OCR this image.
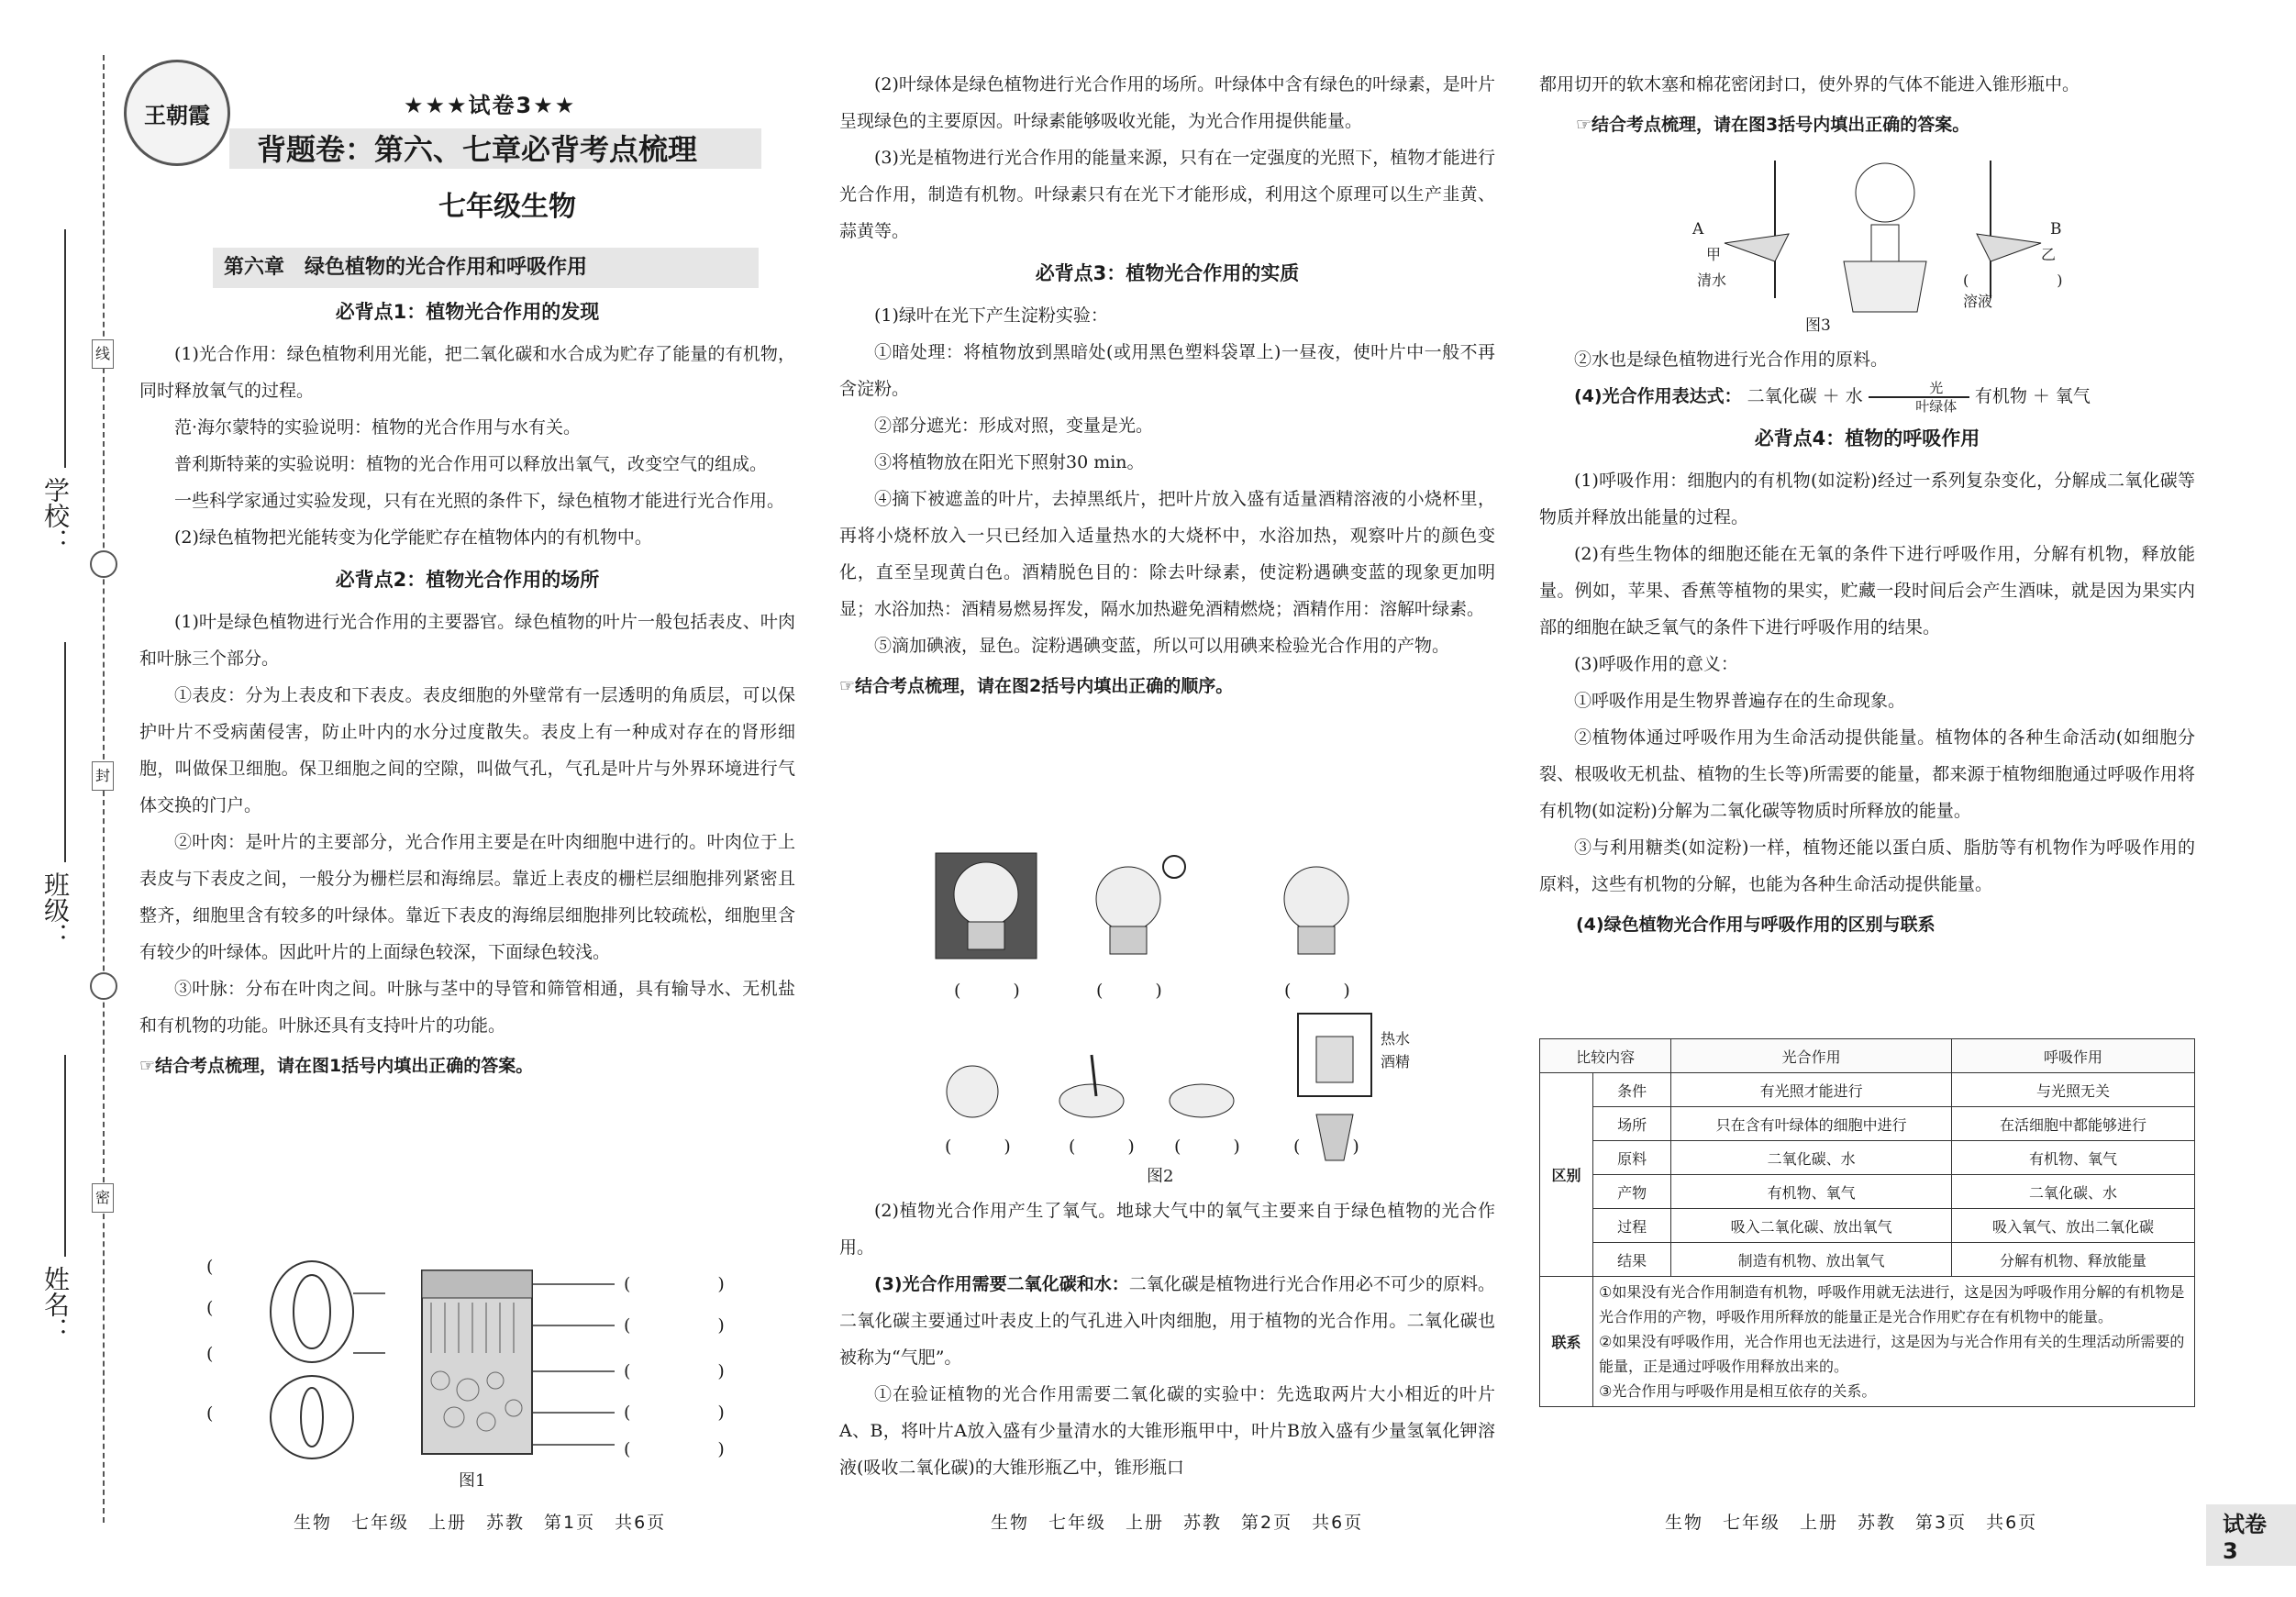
学校：
班级：
姓名：
线
封
密
王朝霞	★★★试卷3★★
背题卷：第六、七章必背考点梳理
七年级生物
第六章　绿色植物的光合作用和呼吸作用
必背点1：植物光合作用的发现

(1)光合作用：绿色植物利用光能，把二氧化碳和水合成为贮存了能量的有机物，同时释放氧气的过程。

范·海尔蒙特的实验说明：植物的光合作用与水有关。

普利斯特莱的实验说明：植物的光合作用可以释放出氧气，改变空气的组成。

一些科学家通过实验发现，只有在光照的条件下，绿色植物才能进行光合作用。

(2)绿色植物把光能转变为化学能贮存在植物体内的有机物中。

必背点2：植物光合作用的场所

(1)叶是绿色植物进行光合作用的主要器官。绿色植物的叶片一般包括表皮、叶肉和叶脉三个部分。

①表皮：分为上表皮和下表皮。表皮细胞的外壁常有一层透明的角质层，可以保护叶片不受病菌侵害，防止叶内的水分过度散失。表皮上有一种成对存在的肾形细胞，叫做保卫细胞。保卫细胞之间的空隙，叫做气孔，气孔是叶片与外界环境进行气体交换的门户。

②叶肉：是叶片的主要部分，光合作用主要是在叶肉细胞中进行的。叶肉位于上表皮与下表皮之间，一般分为栅栏层和海绵层。靠近上表皮的栅栏层细胞排列紧密且整齐，细胞里含有较多的叶绿体。靠近下表皮的海绵层细胞排列比较疏松，细胞里含有较少的叶绿体。因此叶片的上面绿色较深，下面绿色较浅。

③叶脉：分布在叶肉之间。叶脉与茎中的导管和筛管相通，具有输导水、无机盐和有机物的功能。叶脉还具有支持叶片的功能。

☞结合考点梳理，请在图1括号内填出正确的答案。
(
(
(
(
(　　　　　)
(　　　　　)
(　　　　　)
(　　　　　)
(　　　　　)
图1
生物　七年级　上册　苏教　第1页　共6页

(2)叶绿体是绿色植物进行光合作用的场所。叶绿体中含有绿色的叶绿素，是叶片呈现绿色的主要原因。叶绿素能够吸收光能，为光合作用提供能量。

(3)光是植物进行光合作用的能量来源，只有在一定强度的光照下，植物才能进行光合作用，制造有机物。叶绿素只有在光下才能形成，利用这个原理可以生产韭黄、蒜黄等。

必背点3：植物光合作用的实质

(1)绿叶在光下产生淀粉实验：

①暗处理：将植物放到黑暗处(或用黑色塑料袋罩上)一昼夜，使叶片中一般不再含淀粉。

②部分遮光：形成对照，变量是光。

③将植物放在阳光下照射30 min。

④摘下被遮盖的叶片，去掉黑纸片，把叶片放入盛有适量酒精溶液的小烧杯里，再将小烧杯放入一只已经加入适量热水的大烧杯中，水浴加热，观察叶片的颜色变化，直至呈现黄白色。酒精脱色目的：除去叶绿素，使淀粉遇碘变蓝的现象更加明显；水浴加热：酒精易燃易挥发，隔水加热避免酒精燃烧；酒精作用：溶解叶绿素。

⑤滴加碘液，显色。淀粉遇碘变蓝，所以可以用碘来检验光合作用的产物。

☞结合考点梳理，请在图2括号内填出正确的顺序。
(　　　)	(　　　)	(　　　)
(　　　)	(　　　) (　　　)	(　　　)
热水
酒精
图2

(2)植物光合作用产生了氧气。地球大气中的氧气主要来自于绿色植物的光合作用。

(3)光合作用需要二氧化碳和水：二氧化碳是植物进行光合作用必不可少的原料。二氧化碳主要通过叶表皮上的气孔进入叶肉细胞，用于植物的光合作用。二氧化碳也被称为“气肥”。

①在验证植物的光合作用需要二氧化碳的实验中：先选取两片大小相近的叶片A、B，将叶片A放入盛有少量清水的大锥形瓶甲中，叶片B放入盛有少量氢氧化钾溶液(吸收二氧化碳)的大锥形瓶乙中，锥形瓶口

生物　七年级　上册　苏教　第2页　共6页

都用切开的软木塞和棉花密闭封口，使外界的气体不能进入锥形瓶中。

☞结合考点梳理，请在图3括号内填出正确的答案。
A	B
甲	乙
清水	(　　　　　　)溶液
图3

②水也是绿色植物进行光合作用的原料。

(4)光合作用表达式： 二氧化碳 ＋ 水	光
叶绿体	有机物 ＋ 氧气

必背点4：植物的呼吸作用

(1)呼吸作用：细胞内的有机物(如淀粉)经过一系列复杂变化，分解成二氧化碳等物质并释放出能量的过程。

(2)有些生物体的细胞还能在无氧的条件下进行呼吸作用，分解有机物，释放能量。例如，苹果、香蕉等植物的果实，贮藏一段时间后会产生酒味，就是因为果实内部的细胞在缺乏氧气的条件下进行呼吸作用的结果。

(3)呼吸作用的意义：

①呼吸作用是生物界普遍存在的生命现象。

②植物体通过呼吸作用为生命活动提供能量。植物体的各种生命活动(如细胞分裂、根吸收无机盐、植物的生长等)所需要的能量，都来源于植物细胞通过呼吸作用将有机物(如淀粉)分解为二氧化碳等物质时所释放的能量。

③与利用糖类(如淀粉)一样，植物还能以蛋白质、脂肪等有机物作为呼吸作用的原料，这些有机物的分解，也能为各种生命活动提供能量。

(4)绿色植物光合作用与呼吸作用的区别与联系
比较内容		光合作用	呼吸作用
区别	条件	有光照才能进行	与光照无关
	场所	只在含有叶绿体的细胞中进行	在活细胞中都能够进行
	原料	二氧化碳、水	有机物、氧气
	产物	有机物、氧气	二氧化碳、水
	过程	吸入二氧化碳、放出氧气	吸入氧气、放出二氧化碳
	结果	制造有机物、放出氧气	分解有机物、释放能量
联系	①如果没有光合作用制造有机物，呼吸作用就无法进行，这是因为呼吸作用分解的有机物是光合作用的产物，呼吸作用所释放的能量正是光合作用贮存在有机物中的能量。
②如果没有呼吸作用，光合作用也无法进行，这是因为与光合作用有关的生理活动所需要的能量，正是通过呼吸作用释放出来的。
③光合作用与呼吸作用是相互依存的关系。		
生物　七年级　上册　苏教　第3页　共6页	试卷3
